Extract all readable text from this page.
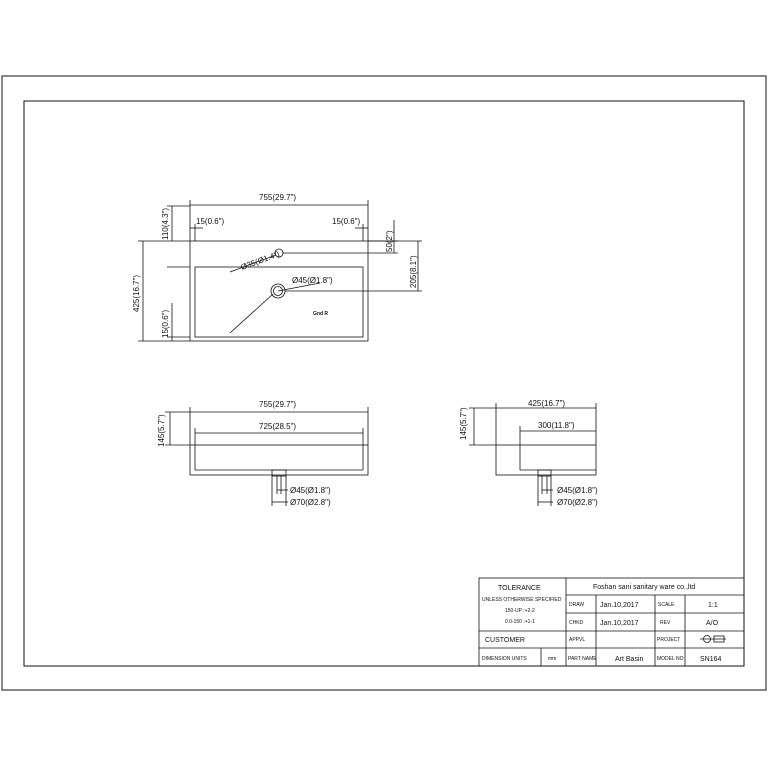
755(29.7")
15(0.6")	15(0.6")
110(4.3")
425(16.7")
15(0.6")
50(2")
205(8.1")
Ø35(Ø1.4")
Ø45(Ø1.8")
Gnd R
755(29.7")
725(28.5")
145(5.7")
Ø45(Ø1.8")
Ø70(Ø2.8")
425(16.7")
300(11.8")
145(5.7")
Ø45(Ø1.8")
Ø70(Ø2.8")
TOLERANCE
UNLESS OTHERWISE SPECIFIED
150-UP :+2-2
0.0-150 :+1-1
Foshan sani sanitary ware co.,ltd
DRAW Jan.10,2017	SCALE	1:1
CHKD Jan.10,2017	REV	A/O
CUSTOMER	APPVL	PROJECT
DIMENSION UNITS	mm PART NAME	Art Basin	MODEL NO SN164
